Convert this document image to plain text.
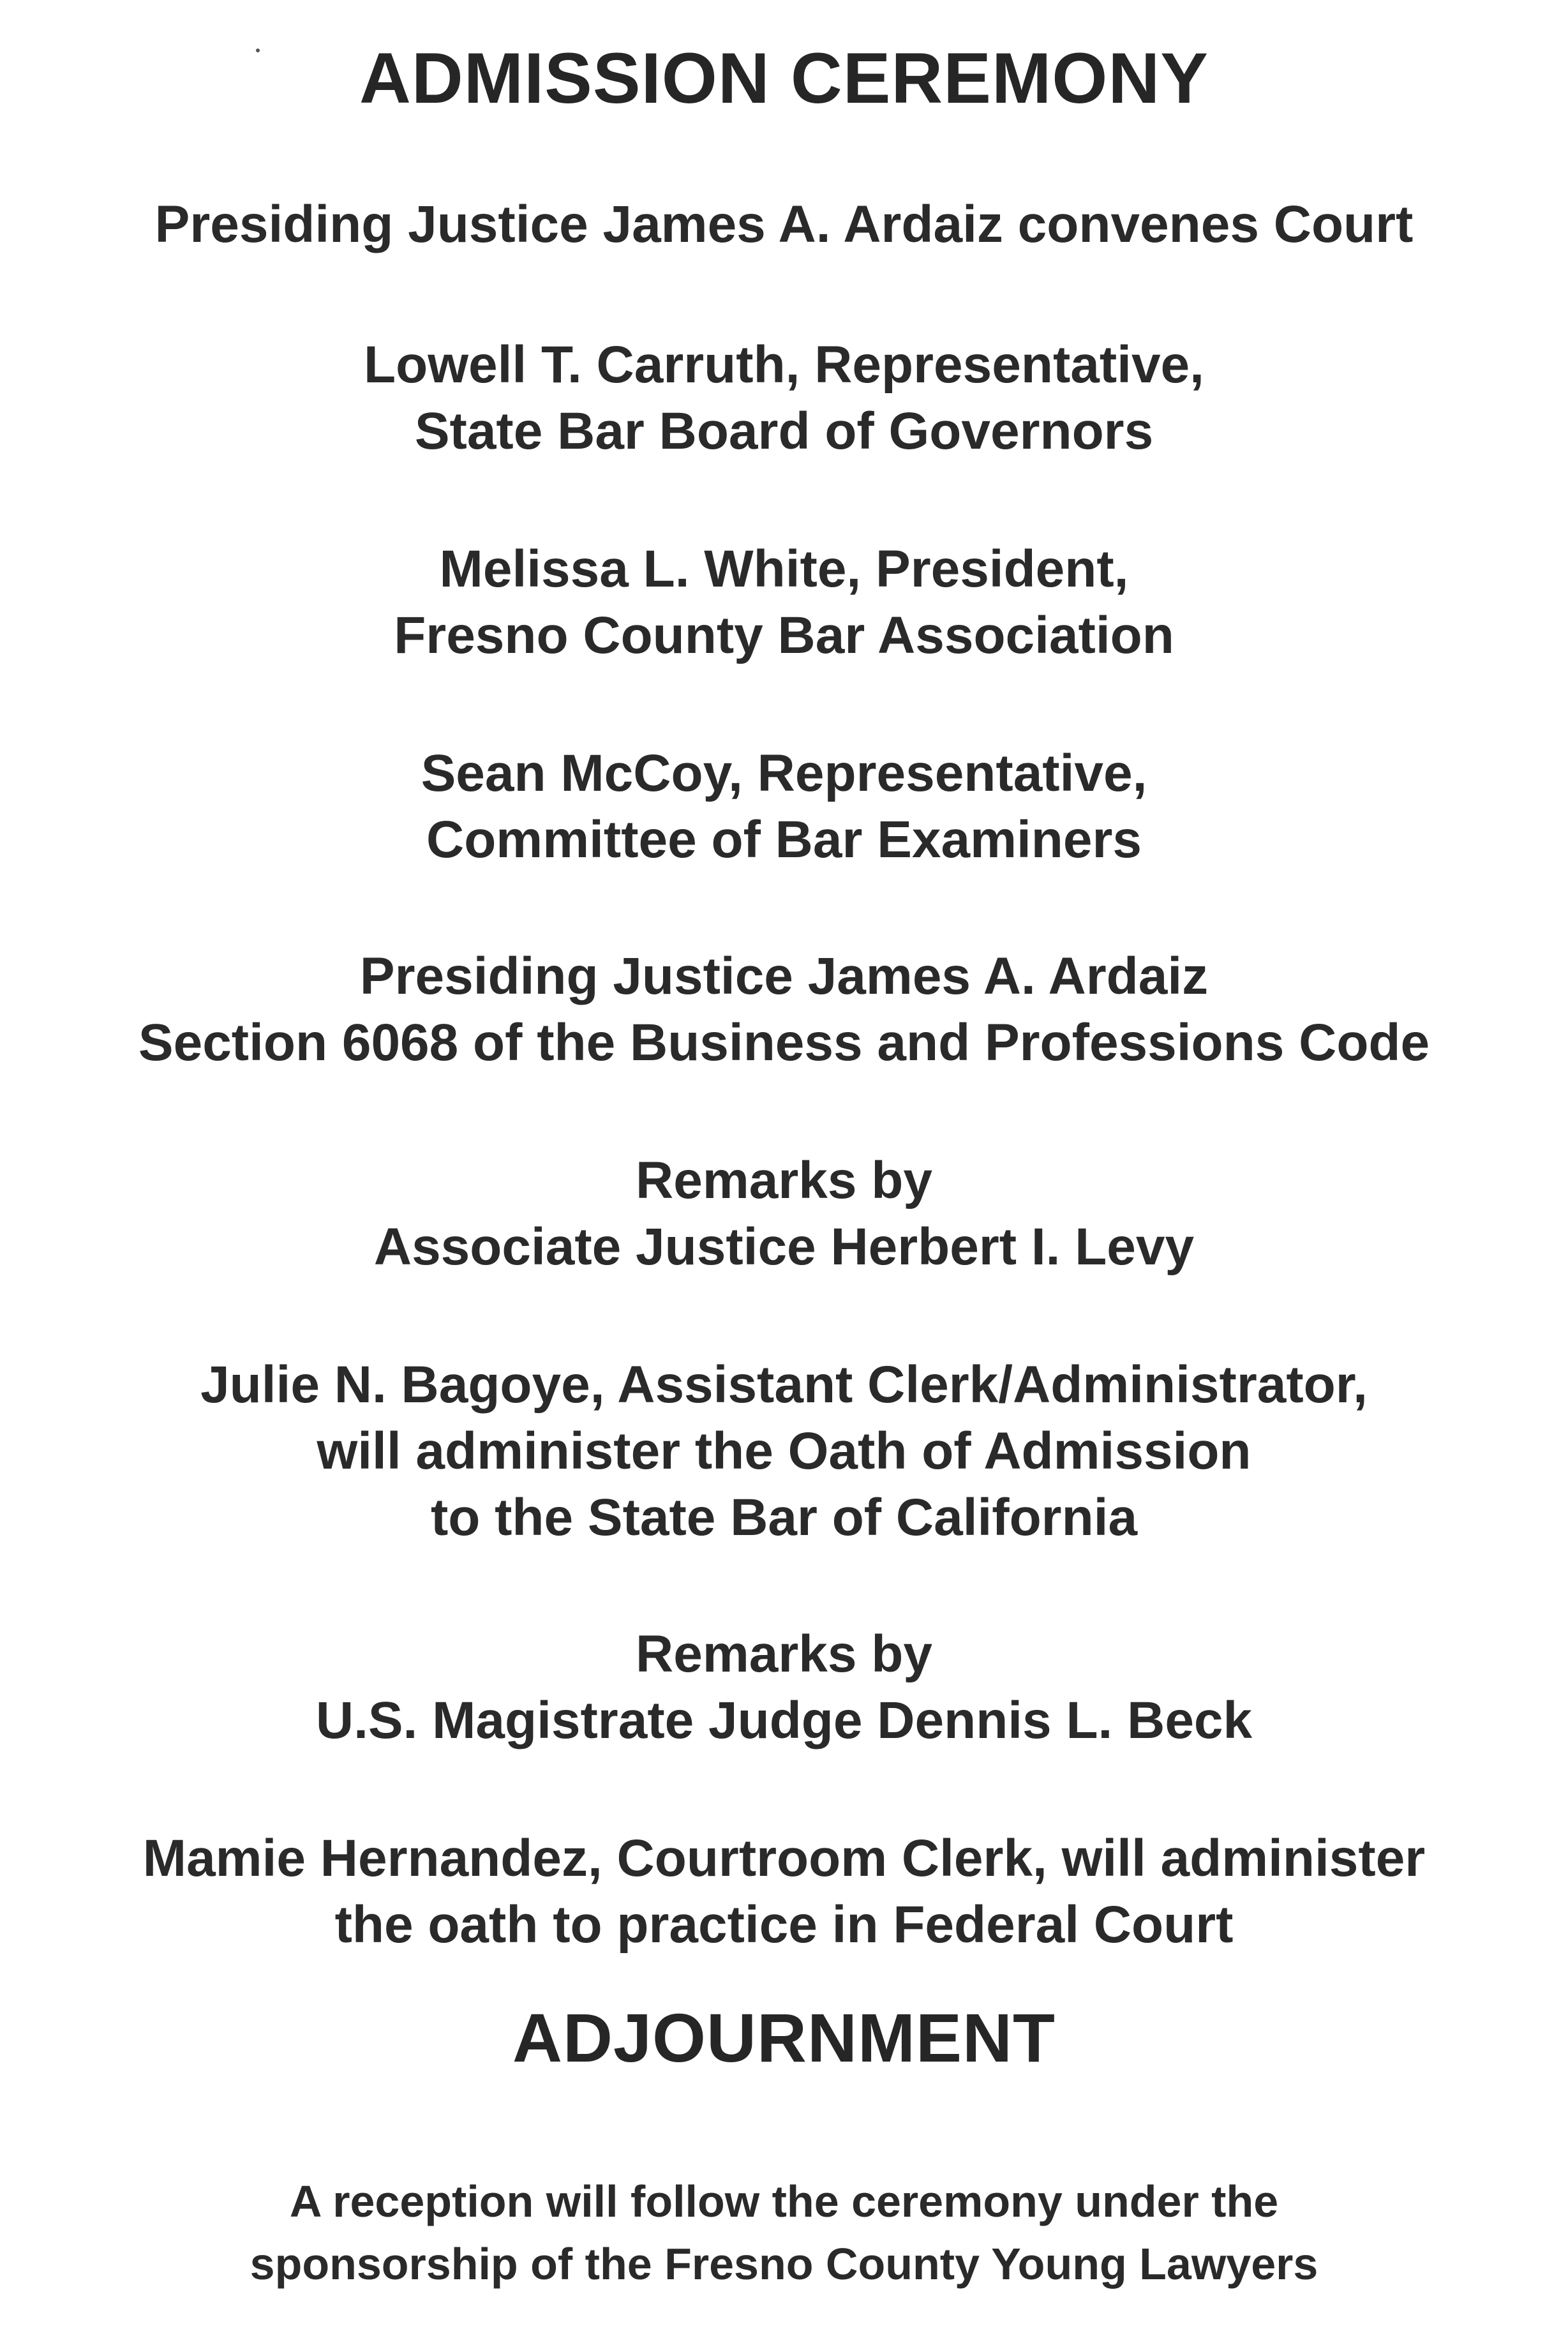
ADMISSION CEREMONY
Presiding Justice James A. Ardaiz convenes Court
Lowell T. Carruth, Representative,
State Bar Board of Governors
Melissa L. White, President,
Fresno County Bar Association
Sean McCoy, Representative,
Committee of Bar Examiners
Presiding Justice James A. Ardaiz
Section 6068 of the Business and Professions Code
Remarks by
Associate Justice Herbert I. Levy
Julie N. Bagoye, Assistant Clerk/Administrator,
will administer the Oath of Admission
to the State Bar of California
Remarks by
U.S. Magistrate Judge Dennis L. Beck
Mamie Hernandez, Courtroom Clerk, will administer
the oath to practice in Federal Court
ADJOURNMENT
A reception will follow the ceremony under the
sponsorship of the Fresno County Young Lawyers
